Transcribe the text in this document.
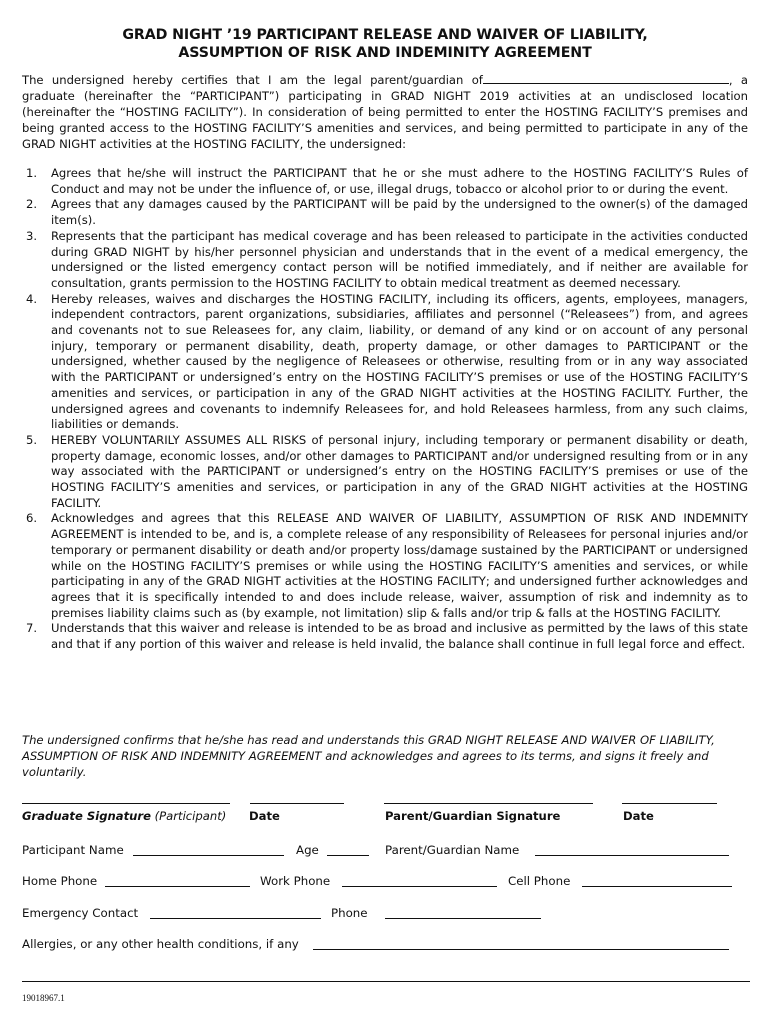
GRAD NIGHT ’19 PARTICIPANT RELEASE AND WAIVER OF LIABILITY,
ASSUMPTION OF RISK AND INDEMINITY AGREEMENT
The undersigned hereby certifies that I am the legal parent/guardian of	, a graduate (hereinafter the “PARTICIPANT”) participating in GRAD NIGHT 2019 activities at an undisclosed location (hereinafter the “HOSTING FACILITY”). In consideration of being permitted to enter the HOSTING FACILITY’S premises and being granted access to the HOSTING FACILITY’S amenities and services, and being permitted to participate in any of the GRAD NIGHT activities at the HOSTING FACILITY, the undersigned:
1. Agrees that he/she will instruct the PARTICIPANT that he or she must adhere to the HOSTING FACILITY’S Rules of Conduct and may not be under the influence of, or use, illegal drugs, tobacco or alcohol prior to or during the event.
2. Agrees that any damages caused by the PARTICIPANT will be paid by the undersigned to the owner(s) of the damaged item(s).
3. Represents that the participant has medical coverage and has been released to participate in the activities conducted during GRAD NIGHT by his/her personnel physician and understands that in the event of a medical emergency, the undersigned or the listed emergency contact person will be notified immediately, and if neither are available for consultation, grants permission to the HOSTING FACILITY to obtain medical treatment as deemed necessary.
4. Hereby releases, waives and discharges the HOSTING FACILITY, including its officers, agents, employees, managers, independent contractors, parent organizations, subsidiaries, affiliates and personnel (“Releasees”) from, and agrees and covenants not to sue Releasees for, any claim, liability, or demand of any kind or on account of any personal injury, temporary or permanent disability, death, property damage, or other damages to PARTICIPANT or the undersigned, whether caused by the negligence of Releasees or otherwise, resulting from or in any way associated with the PARTICIPANT or undersigned’s entry on the HOSTING FACILITY’S premises or use of the HOSTING FACILITY’S amenities and services, or participation in any of the GRAD NIGHT activities at the HOSTING FACILITY. Further, the undersigned agrees and covenants to indemnify Releasees for, and hold Releasees harmless, from any such claims, liabilities or demands.
5. HEREBY VOLUNTARILY ASSUMES ALL RISKS of personal injury, including temporary or permanent disability or death, property damage, economic losses, and/or other damages to PARTICIPANT and/or undersigned resulting from or in any way associated with the PARTICIPANT or undersigned’s entry on the HOSTING FACILITY’S premises or use of the HOSTING FACILITY’S amenities and services, or participation in any of the GRAD NIGHT activities at the HOSTING FACILITY.
6. Acknowledges and agrees that this RELEASE AND WAIVER OF LIABILITY, ASSUMPTION OF RISK AND INDEMNITY AGREEMENT is intended to be, and is, a complete release of any responsibility of Releasees for personal injuries and/or temporary or permanent disability or death and/or property loss/damage sustained by the PARTICIPANT or undersigned while on the HOSTING FACILITY’S premises or while using the HOSTING FACILITY’S amenities and services, or while participating in any of the GRAD NIGHT activities at the HOSTING FACILITY; and undersigned further acknowledges and agrees that it is specifically intended to and does include release, waiver, assumption of risk and indemnity as to premises liability claims such as (by example, not limitation) slip & falls and/or trip & falls at the HOSTING FACILITY.
7. Understands that this waiver and release is intended to be as broad and inclusive as permitted by the laws of this state and that if any portion of this waiver and release is held invalid, the balance shall continue in full legal force and effect.
The undersigned confirms that he/she has read and understands this GRAD NIGHT RELEASE AND WAIVER OF LIABILITY, ASSUMPTION OF RISK AND INDEMNITY AGREEMENT and acknowledges and agrees to its terms, and signs it freely and voluntarily.
Graduate Signature (Participant) Date	Parent/Guardian Signature	Date
Participant Name	Age	Parent/Guardian Name
Home Phone	Work Phone	Cell Phone
Emergency Contact	Phone
Allergies, or any other health conditions, if any
19018967.1
